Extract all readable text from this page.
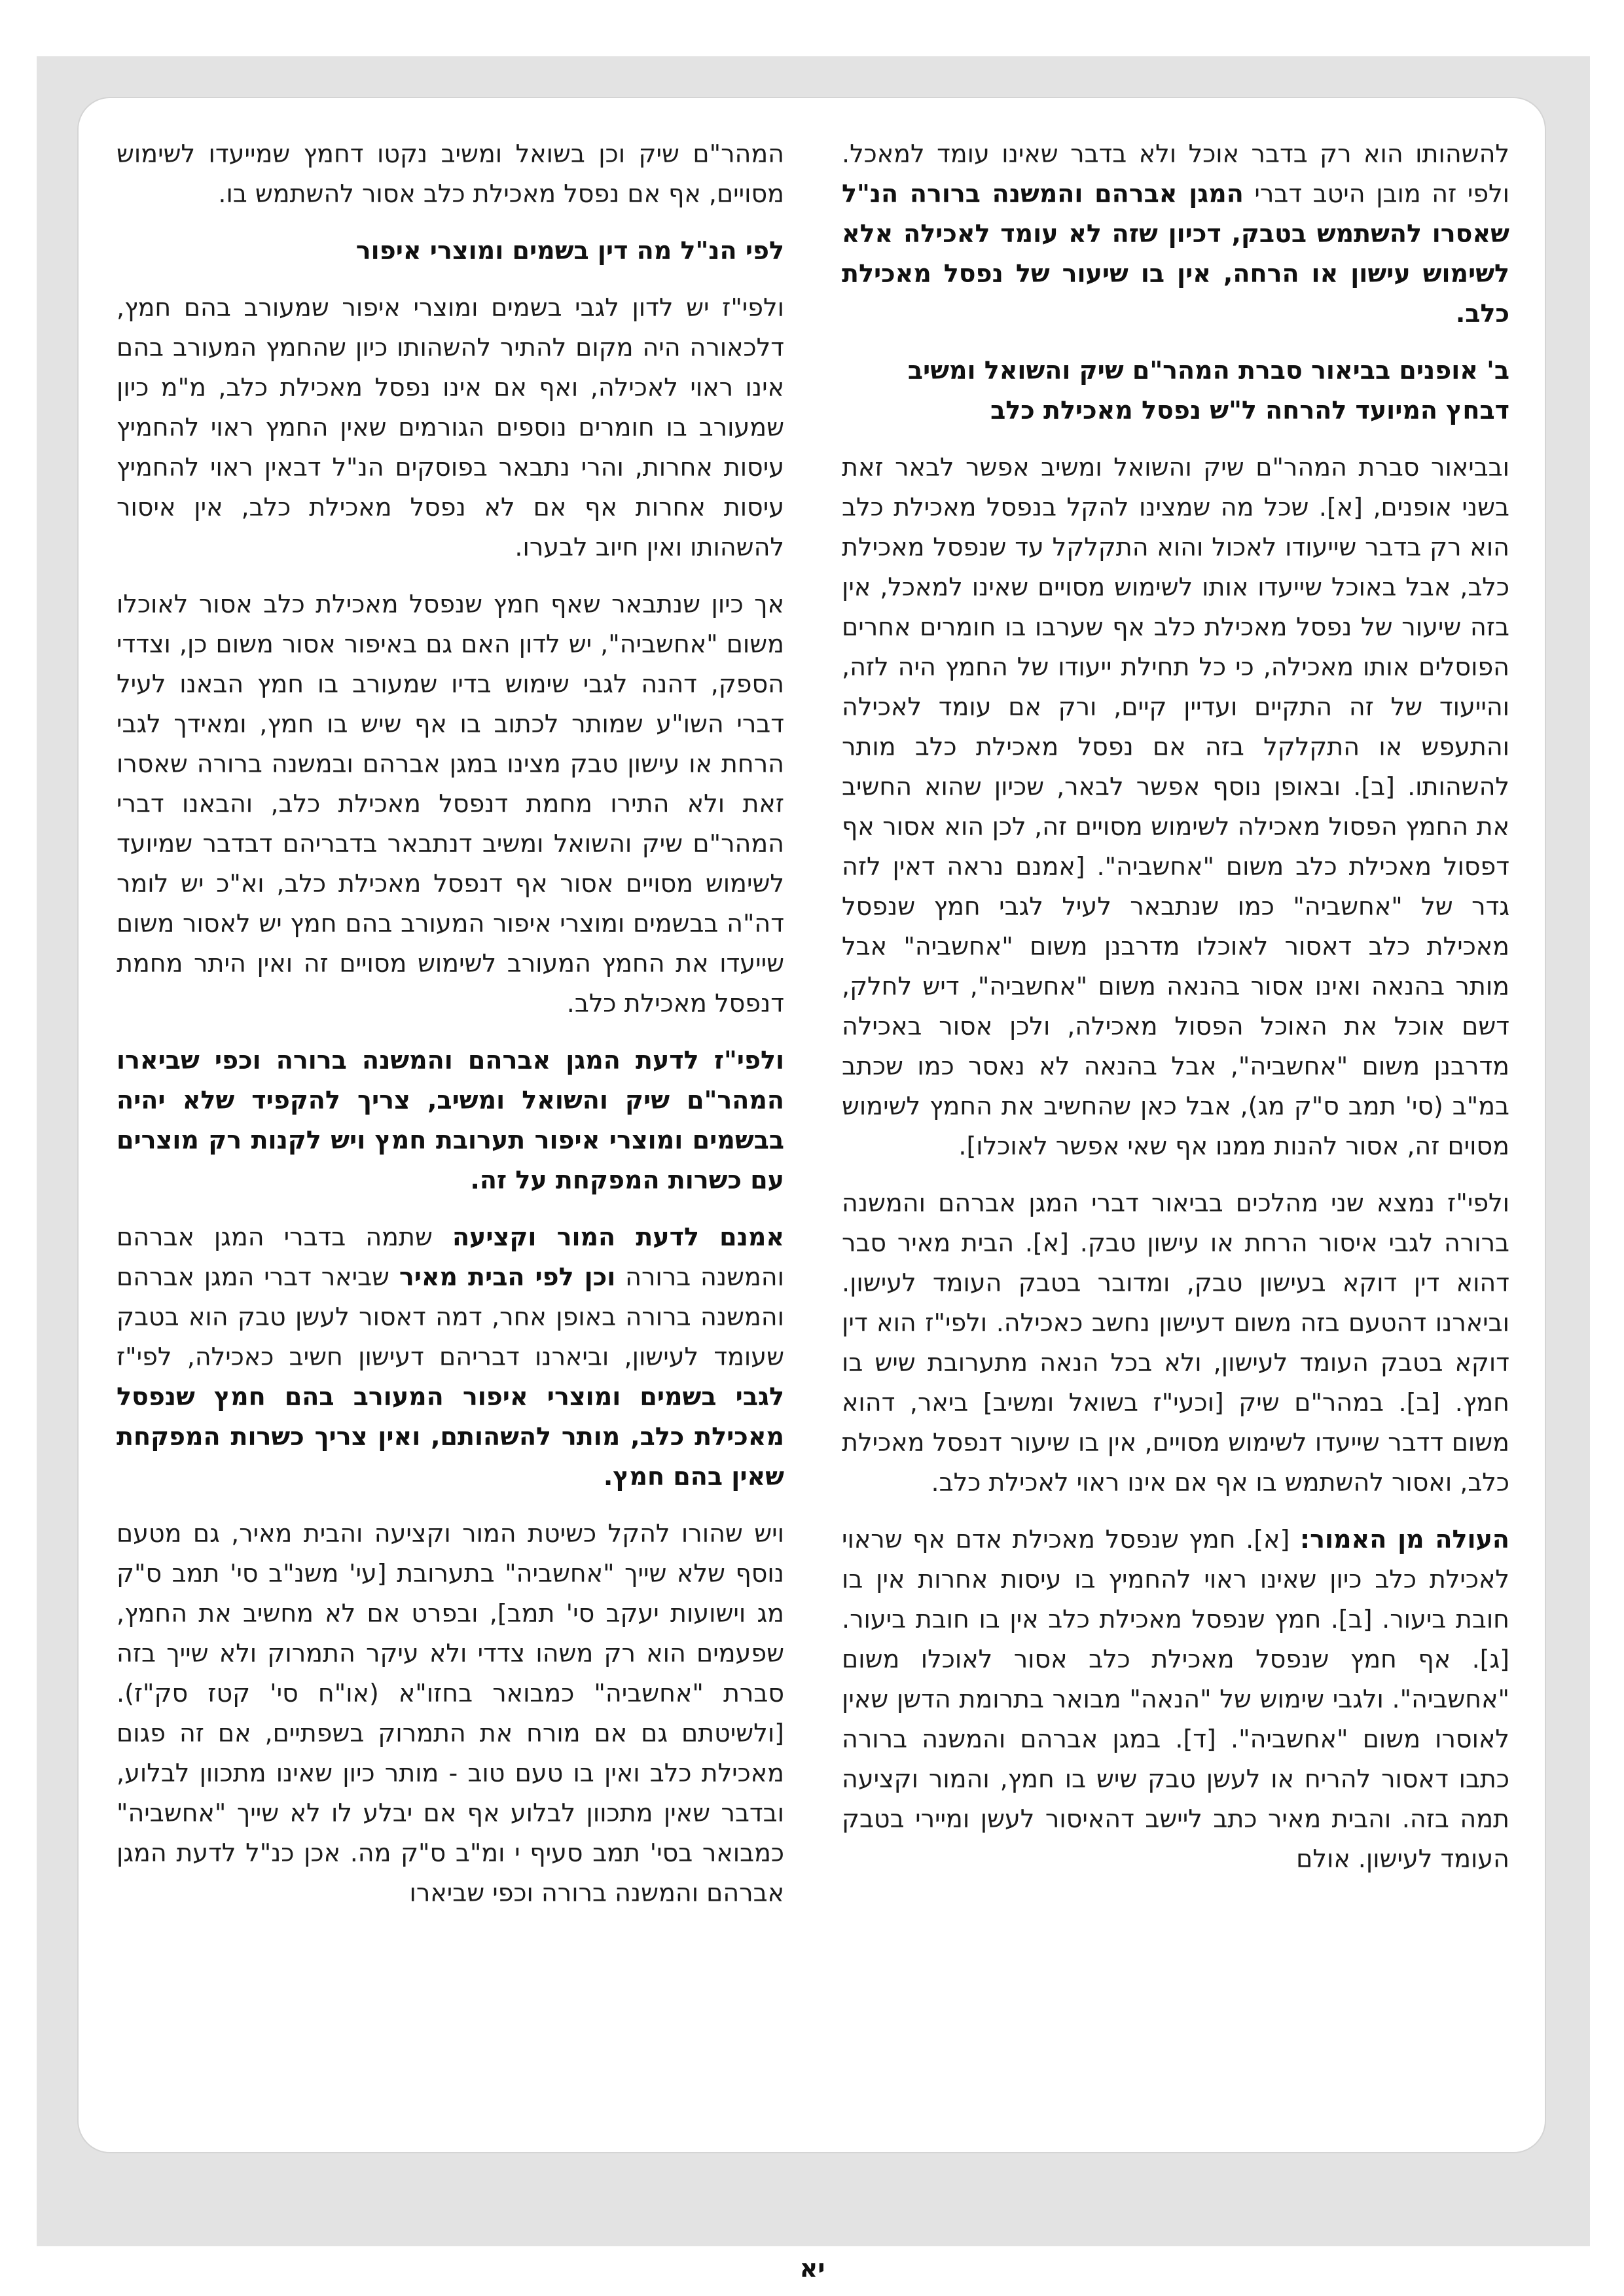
להשהותו הוא רק בדבר אוכל ולא בדבר שאינו עומד למאכל. ולפי זה מובן היטב דברי המגן אברהם והמשנה ברורה הנ"ל שאסרו להשתמש בטבק, דכיון שזה לא עומד לאכילה אלא לשימוש עישון או הרחה, אין בו שיעור של נפסל מאכילת כלב.

ב' אופנים בביאור סברת המהר"ם שיק והשואל ומשיב דבחץ המיועד להרחה ל"ש נפסל מאכילת כלב

ובביאור סברת המהר"ם שיק והשואל ומשיב אפשר לבאר זאת בשני אופנים, [א]. שכל מה שמצינו להקל בנפסל מאכילת כלב הוא רק בדבר שייעודו לאכול והוא התקלקל עד שנפסל מאכילת כלב, אבל באוכל שייעדו אותו לשימוש מסויים שאינו למאכל, אין בזה שיעור של נפסל מאכילת כלב אף שערבו בו חומרים אחרים הפוסלים אותו מאכילה, כי כל תחילת ייעודו של החמץ היה לזה, והייעוד של זה התקיים ועדיין קיים, ורק אם עומד לאכילה והתעפש או התקלקל בזה אם נפסל מאכילת כלב מותר להשהותו. [ב]. ובאופן נוסף אפשר לבאר, שכיון שהוא החשיב את החמץ הפסול מאכילה לשימוש מסויים זה, לכן הוא אסור אף דפסול מאכילת כלב משום "אחשביה". [אמנם נראה דאין לזה גדר של "אחשביה" כמו שנתבאר לעיל לגבי חמץ שנפסל מאכילת כלב דאסור לאוכלו מדרבנן משום "אחשביה" אבל מותר בהנאה ואינו אסור בהנאה משום "אחשביה", דיש לחלק, דשם אוכל את האוכל הפסול מאכילה, ולכן אסור באכילה מדרבנן משום "אחשביה", אבל בהנאה לא נאסר כמו שכתב במ"ב (סי' תמב ס"ק מג), אבל כאן שהחשיב את החמץ לשימוש מסוים זה, אסור להנות ממנו אף שאי אפשר לאוכלו].

ולפי"ז נמצא שני מהלכים בביאור דברי המגן אברהם והמשנה ברורה לגבי איסור הרחת או עישון טבק. [א]. הבית מאיר סבר דהוא דין דוקא בעישון טבק, ומדובר בטבק העומד לעישון. וביארנו דהטעם בזה משום דעישון נחשב כאכילה. ולפי"ז הוא דין דוקא בטבק העומד לעישון, ולא בכל הנאה מתערובת שיש בו חמץ. [ב]. במהר"ם שיק [וכעי"ז בשואל ומשיב] ביאר, דהוא משום דדבר שייעדו לשימוש מסויים, אין בו שיעור דנפסל מאכילת כלב, ואסור להשתמש בו אף אם אינו ראוי לאכילת כלב.

העולה מן האמור: [א]. חמץ שנפסל מאכילת אדם אף שראוי לאכילת כלב כיון שאינו ראוי להחמיץ בו עיסות אחרות אין בו חובת ביעור. [ב]. חמץ שנפסל מאכילת כלב אין בו חובת ביעור. [ג]. אף חמץ שנפסל מאכילת כלב אסור לאוכלו משום "אחשביה". ולגבי שימוש של "הנאה" מבואר בתרומת הדשן שאין לאוסרו משום "אחשביה". [ד]. במגן אברהם והמשנה ברורה כתבו דאסור להריח או לעשן טבק שיש בו חמץ, והמור וקציעה תמה בזה. והבית מאיר כתב ליישב דהאיסור לעשן ומיירי בטבק העומד לעישון. אולם

המהר"ם שיק וכן בשואל ומשיב נקטו דחמץ שמייעדו לשימוש מסויים, אף אם נפסל מאכילת כלב אסור להשתמש בו.

לפי הנ"ל מה דין בשמים ומוצרי איפור

ולפי"ז יש לדון לגבי בשמים ומוצרי איפור שמעורב בהם חמץ, דלכאורה היה מקום להתיר להשהותו כיון שהחמץ המעורב בהם אינו ראוי לאכילה, ואף אם אינו נפסל מאכילת כלב, מ"מ כיון שמעורב בו חומרים נוספים הגורמים שאין החמץ ראוי להחמיץ עיסות אחרות, והרי נתבאר בפוסקים הנ"ל דבאין ראוי להחמיץ עיסות אחרות אף אם לא נפסל מאכילת כלב, אין איסור להשהותו ואין חיוב לבערו.

אך כיון שנתבאר שאף חמץ שנפסל מאכילת כלב אסור לאוכלו משום "אחשביה", יש לדון האם גם באיפור אסור משום כן, וצדדי הספק, דהנה לגבי שימוש בדיו שמעורב בו חמץ הבאנו לעיל דברי השו"ע שמותר לכתוב בו אף שיש בו חמץ, ומאידך לגבי הרחת או עישון טבק מצינו במגן אברהם ובמשנה ברורה שאסרו זאת ולא התירו מחמת דנפסל מאכילת כלב, והבאנו דברי המהר"ם שיק והשואל ומשיב דנתבאר בדבריהם דבדבר שמיועד לשימוש מסויים אסור אף דנפסל מאכילת כלב, וא"כ יש לומר דה"ה בבשמים ומוצרי איפור המעורב בהם חמץ יש לאסור משום שייעדו את החמץ המעורב לשימוש מסויים זה ואין היתר מחמת דנפסל מאכילת כלב.

ולפי"ז לדעת המגן אברהם והמשנה ברורה וכפי שביארו המהר"ם שיק והשואל ומשיב, צריך להקפיד שלא יהיה בבשמים ומוצרי איפור תערובת חמץ ויש לקנות רק מוצרים עם כשרות המפקחת על זה.

אמנם לדעת המור וקציעה שתמה בדברי המגן אברהם והמשנה ברורה וכן לפי הבית מאיר שביאר דברי המגן אברהם והמשנה ברורה באופן אחר, דמה דאסור לעשן טבק הוא בטבק שעומד לעישון, וביארנו דבריהם דעישון חשיב כאכילה, לפי"ז לגבי בשמים ומוצרי איפור המעורב בהם חמץ שנפסל מאכילת כלב, מותר להשהותם, ואין צריך כשרות המפקחת שאין בהם חמץ.

ויש שהורו להקל כשיטת המור וקציעה והבית מאיר, גם מטעם נוסף שלא שייך "אחשביה" בתערובת [עי' משנ"ב סי' תמב ס"ק מג וישועות יעקב סי' תמב], ובפרט אם לא מחשיב את החמץ, שפעמים הוא רק משהו צדדי ולא עיקר התמרוק ולא שייך בזה סברת "אחשביה" כמבואר בחזו"א (או"ח סי' קטז סק"ז). [ולשיטתם גם אם מורח את התמרוק בשפתיים, אם זה פגום מאכילת כלב ואין בו טעם טוב - מותר כיון שאינו מתכוון לבלוע, ובדבר שאין מתכוון לבלוע אף אם יבלע לו לא שייך "אחשביה" כמבואר בסי' תמב סעיף י ומ"ב ס"ק מה. אכן כנ"ל לדעת המגן אברהם והמשנה ברורה וכפי שביארו

יא
